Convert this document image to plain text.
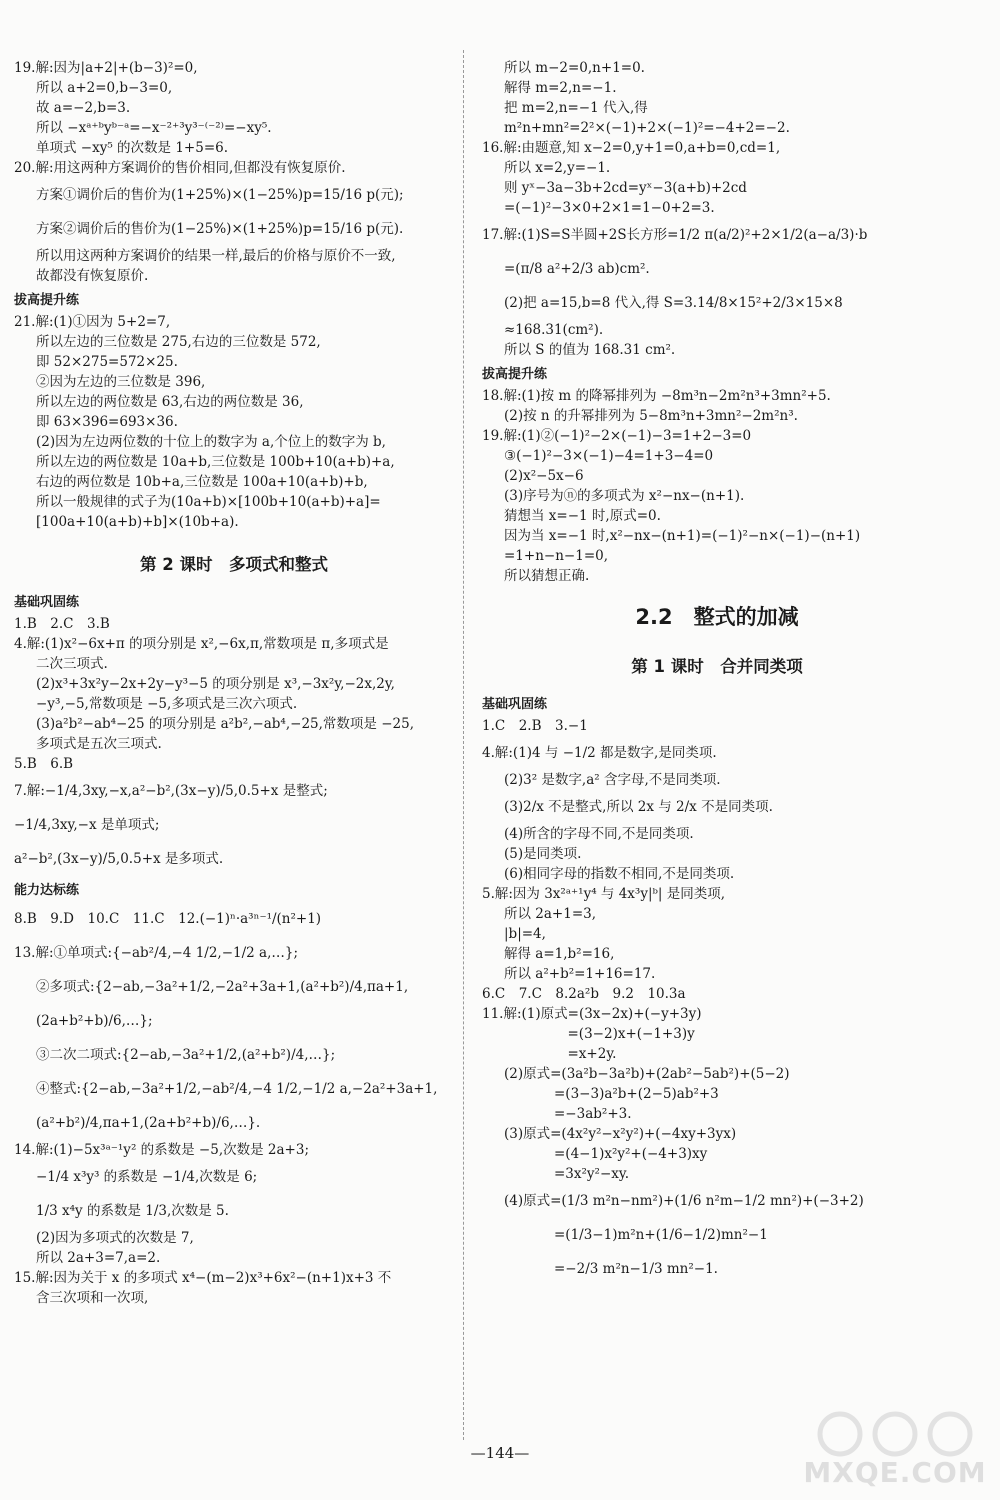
19.解:因为|a+2|+(b−3)²=0,
所以 a+2=0,b−3=0,
故 a=−2,b=3.
所以 −xᵃ⁺ᵇyᵇ⁻ᵃ=−x⁻²⁺³y³⁻⁽⁻²⁾=−xy⁵.
单项式 −xy⁵ 的次数是 1+5=6.
20.解:用这两种方案调价的售价相同,但都没有恢复原价.
方案①调价后的售价为(1+25%)×(1−25%)p=15/16 p(元);
方案②调价后的售价为(1−25%)×(1+25%)p=15/16 p(元).
所以用这两种方案调价的结果一样,最后的价格与原价不一致,
故都没有恢复原价.
拔高提升练
21.解:(1)①因为 5+2=7,
所以左边的三位数是 275,右边的三位数是 572,
即 52×275=572×25.
②因为左边的三位数是 396,
所以左边的两位数是 63,右边的两位数是 36,
即 63×396=693×36.
(2)因为左边两位数的十位上的数字为 a,个位上的数字为 b,
所以左边的两位数是 10a+b,三位数是 100b+10(a+b)+a,
右边的两位数是 10b+a,三位数是 100a+10(a+b)+b,
所以一般规律的式子为(10a+b)×[100b+10(a+b)+a]=
[100a+10(a+b)+b]×(10b+a).
第 2 课时　多项式和整式
基础巩固练
1.B　2.C　3.B
4.解:(1)x²−6x+π 的项分别是 x²,−6x,π,常数项是 π,多项式是
二次三项式.
(2)x³+3x²y−2x+2y−y³−5 的项分别是 x³,−3x²y,−2x,2y,
−y³,−5,常数项是 −5,多项式是三次六项式.
(3)a²b²−ab⁴−25 的项分别是 a²b²,−ab⁴,−25,常数项是 −25,
多项式是五次三项式.
5.B　6.B
7.解:−1/4,3xy,−x,a²−b²,(3x−y)/5,0.5+x 是整式;
−1/4,3xy,−x 是单项式;
a²−b²,(3x−y)/5,0.5+x 是多项式.
能力达标练
8.B　9.D　10.C　11.C　12.(−1)ⁿ·a³ⁿ⁻¹/(n²+1)
13.解:①单项式:{−ab²/4,−4 1/2,−1/2 a,…};
②多项式:{2−ab,−3a²+1/2,−2a²+3a+1,(a²+b²)/4,πa+1,
(2a+b²+b)/6,…};
③二次二项式:{2−ab,−3a²+1/2,(a²+b²)/4,…};
④整式:{2−ab,−3a²+1/2,−ab²/4,−4 1/2,−1/2 a,−2a²+3a+1,
(a²+b²)/4,πa+1,(2a+b²+b)/6,…}.
14.解:(1)−5x³ᵃ⁻¹y² 的系数是 −5,次数是 2a+3;
−1/4 x³y³ 的系数是 −1/4,次数是 6;
1/3 x⁴y 的系数是 1/3,次数是 5.
(2)因为多项式的次数是 7,
所以 2a+3=7,a=2.
15.解:因为关于 x 的多项式 x⁴−(m−2)x³+6x²−(n+1)x+3 不
含三次项和一次项,
所以 m−2=0,n+1=0.
解得 m=2,n=−1.
把 m=2,n=−1 代入,得
m²n+mn²=2²×(−1)+2×(−1)²=−4+2=−2.
16.解:由题意,知 x−2=0,y+1=0,a+b=0,cd=1,
所以 x=2,y=−1.
则 yˣ−3a−3b+2cd=yˣ−3(a+b)+2cd
=(−1)²−3×0+2×1=1−0+2=3.
17.解:(1)S=S半圆+2S长方形=1/2 π(a/2)²+2×1/2(a−a/3)·b
=(π/8 a²+2/3 ab)cm².
(2)把 a=15,b=8 代入,得 S=3.14/8×15²+2/3×15×8
≈168.31(cm²).
所以 S 的值为 168.31 cm².
拔高提升练
18.解:(1)按 m 的降幂排列为 −8m³n−2m²n³+3mn²+5.
(2)按 n 的升幂排列为 5−8m³n+3mn²−2m²n³.
19.解:(1)②(−1)²−2×(−1)−3=1+2−3=0
③(−1)²−3×(−1)−4=1+3−4=0
(2)x²−5x−6
(3)序号为ⓝ的多项式为 x²−nx−(n+1).
猜想当 x=−1 时,原式=0.
因为当 x=−1 时,x²−nx−(n+1)=(−1)²−n×(−1)−(n+1)
=1+n−n−1=0,
所以猜想正确.
2.2　整式的加减
第 1 课时　合并同类项
基础巩固练
1.C　2.B　3.−1
4.解:(1)4 与 −1/2 都是数字,是同类项.
(2)3² 是数字,a² 含字母,不是同类项.
(3)2/x 不是整式,所以 2x 与 2/x 不是同类项.
(4)所含的字母不同,不是同类项.
(5)是同类项.
(6)相同字母的指数不相同,不是同类项.
5.解:因为 3x²ᵃ⁺¹y⁴ 与 4x³y|ᵇ| 是同类项,
所以 2a+1=3,
|b|=4,
解得 a=1,b²=16,
所以 a²+b²=1+16=17.
6.C　7.C　8.2a²b　9.2　10.3a
11.解:(1)原式=(3x−2x)+(−y+3y)
　=(3−2)x+(−1+3)y
　=x+2y.
(2)原式=(3a²b−3a²b)+(2ab²−5ab²)+(5−2)
=(3−3)a²b+(2−5)ab²+3
=−3ab²+3.
(3)原式=(4x²y²−x²y²)+(−4xy+3yx)
=(4−1)x²y²+(−4+3)xy
=3x²y²−xy.
(4)原式=(1/3 m²n−nm²)+(1/6 n²m−1/2 mn²)+(−3+2)
=(1/3−1)m²n+(1/6−1/2)mn²−1
=−2/3 m²n−1/3 mn²−1.
—144—
MXQE.COM
